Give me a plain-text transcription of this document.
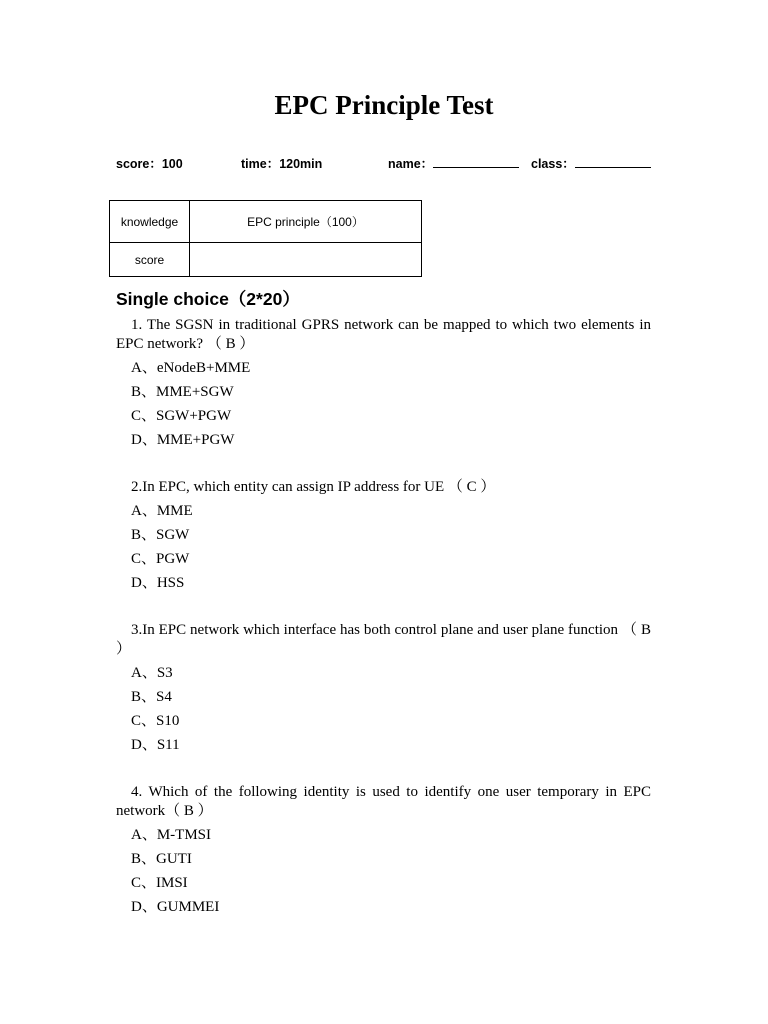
EPC Principle Test
score：100	time：120min	name：	class：
knowledge	EPC principle（100）
score	
Single choice（2*20）
1. The SGSN in traditional GPRS network can be mapped to which two elements in EPC network? （ B ）
A、eNodeB+MME
B、MME+SGW
C、SGW+PGW
D、MME+PGW
2.In EPC, which entity can assign IP address for UE （ C ）
A、MME
B、SGW
C、PGW
D、HSS
3.In EPC network which interface has both control plane and user plane function （ B ）
A、S3
B、S4
C、S10
D、S11
4. Which of the following identity is used to identify one user temporary in EPC network（ B ）
A、M-TMSI
B、GUTI
C、IMSI
D、GUMMEI
